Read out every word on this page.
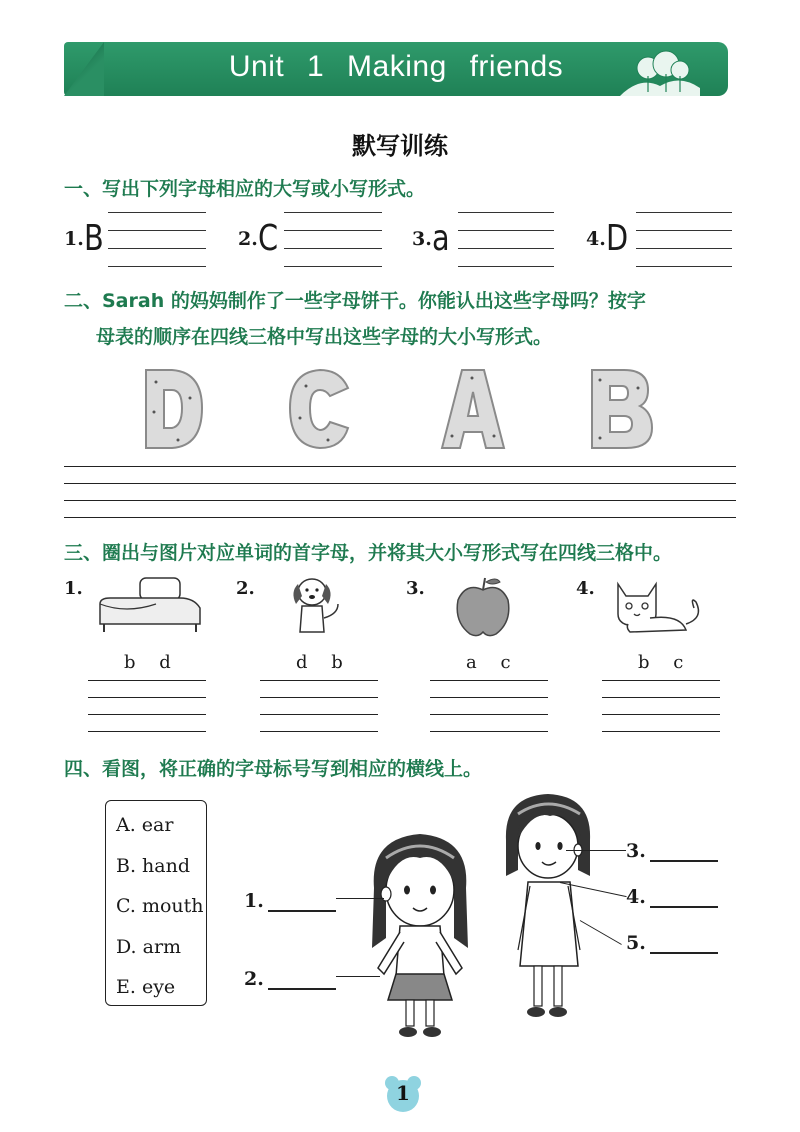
Unit 1 Making friends
默写训练
一、写出下列字母相应的大写或小写形式。
1. B	2. C	3. a	4. D
二、Sarah 的妈妈制作了一些字母饼干。你能认出这些字母吗？按字
母表的顺序在四线三格中写出这些字母的大小写形式。
三、圈出与图片对应单词的首字母，并将其大小写形式写在四线三格中。
1.
b d
2.
d b
3.
a c
4.
b c
四、看图，将正确的字母标号写到相应的横线上。
A. ear
B. hand
C. mouth
D. arm
E. eye
1.
2.
3.
4.
5.
1
